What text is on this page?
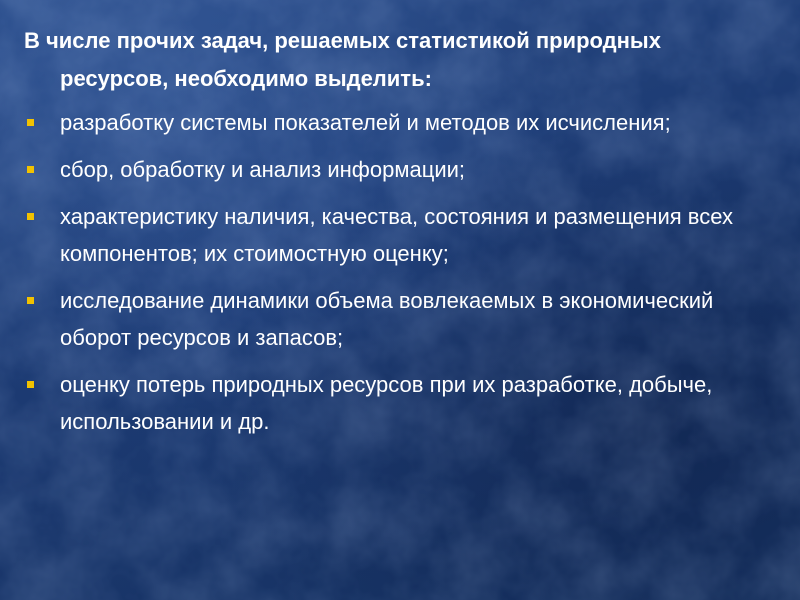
В числе прочих задач, решаемых статистикой природных ресурсов, необходимо выделить:

разработку системы показателей и методов их исчисления;
сбор, обработку и анализ информации;
характеристику наличия, качества, состояния и размещения всех компонентов; их стоимостную оценку;
исследование динамики объема вовлекаемых в экономический оборот ресурсов и запасов;
оценку потерь природных ресурсов при их разработке, добыче, использовании и др.
